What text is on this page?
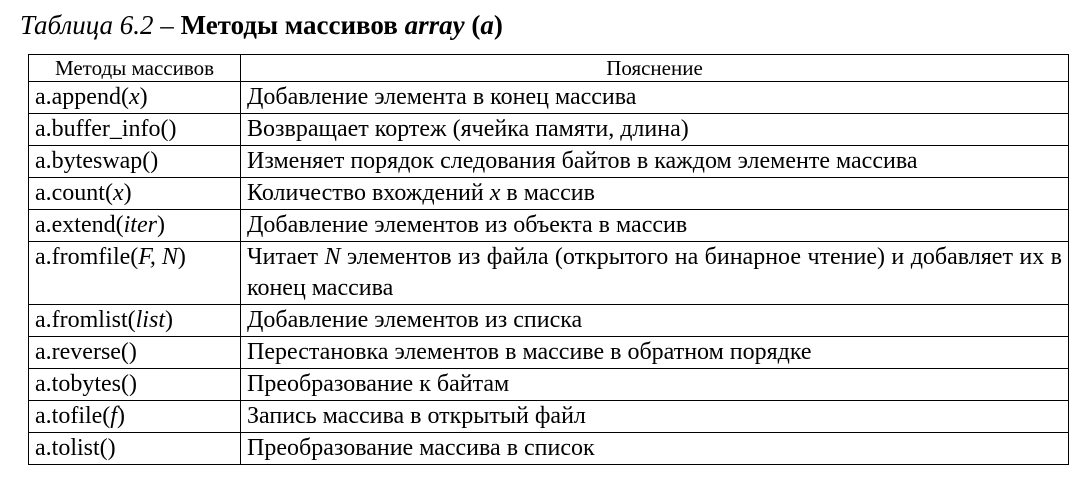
Таблица 6.2 – Методы массивов array (a)
Методы массивов	Пояснение
a.append(x)	Добавление элемента в конец массива
a.buffer_info()	Возвращает кортеж (ячейка памяти, длина)
a.byteswap()	Изменяет порядок следования байтов в каждом элементе массива
a.count(x)	Количество вхождений x в массив
a.extend(iter)	Добавление элементов из объекта в массив
a.fromfile(F, N)	Читает N элементов из файла (открытого на бинарное чтение) и добавляет их в конец массива
a.fromlist(list)	Добавление элементов из списка
a.reverse()	Перестановка элементов в массиве в обратном порядке
a.tobytes()	Преобразование к байтам
a.tofile(f)	Запись массива в открытый файл
a.tolist()	Преобразование массива в список
